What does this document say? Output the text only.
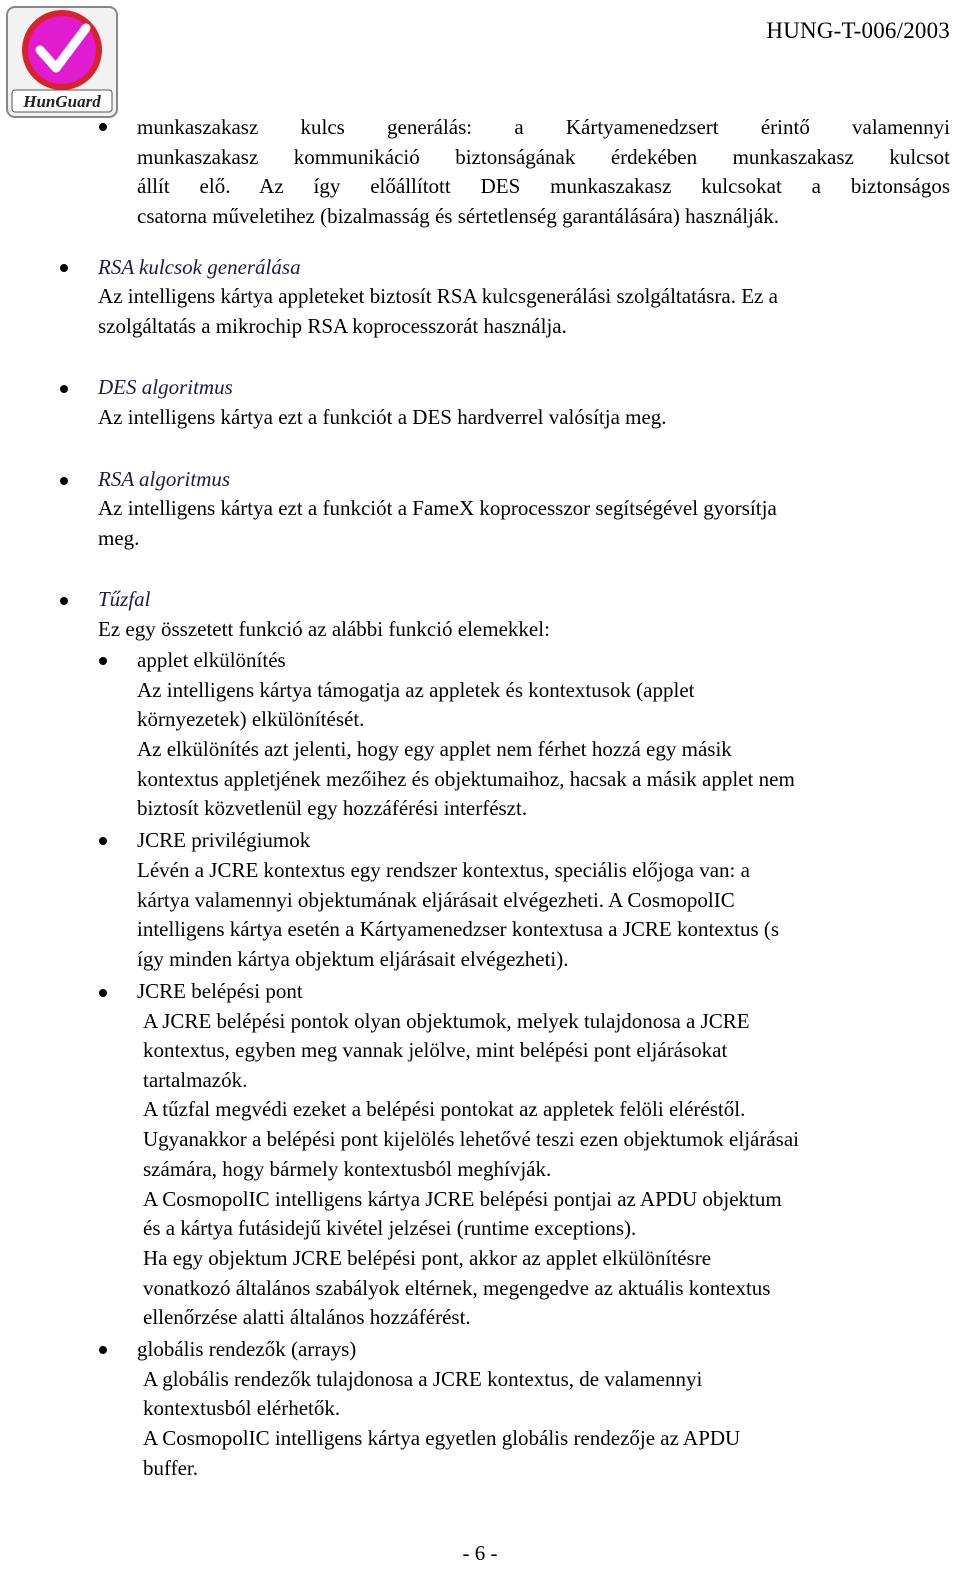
HunGuard
HUNG-T-006/2003
munkaszakasz kulcs generálás: a Kártyamenedzsert érintő valamennyi
munkaszakasz kommunikáció biztonságának érdekében munkaszakasz kulcsot
állít elő. Az így előállított DES munkaszakasz kulcsokat a biztonságos
csatorna műveletihez (bizalmasság és sértetlenség garantálására) használják.
RSA kulcsok generálása
Az intelligens kártya appleteket biztosít RSA kulcsgenerálási szolgáltatásra. Ez a
szolgáltatás a mikrochip RSA koprocesszorát használja.
DES algoritmus
Az intelligens kártya ezt a funkciót a DES hardverrel valósítja meg.
RSA algoritmus
Az intelligens kártya ezt a funkciót a FameX koprocesszor segítségével gyorsítja
meg.
Tűzfal
Ez egy összetett funkció az alábbi funkció elemekkel:
applet elkülönítés
Az intelligens kártya támogatja az appletek és kontextusok (applet
környezetek) elkülönítését.
Az elkülönítés azt jelenti, hogy egy applet nem férhet hozzá egy másik
kontextus appletjének mezőihez és objektumaihoz, hacsak a másik applet nem
biztosít közvetlenül egy hozzáférési interfészt.
JCRE privilégiumok
Lévén a JCRE kontextus egy rendszer kontextus, speciális előjoga van: a
kártya valamennyi objektumának eljárásait elvégezheti. A CosmopolIC
intelligens kártya esetén a Kártyamenedzser kontextusa a JCRE kontextus (s
így minden kártya objektum eljárásait elvégezheti).
JCRE belépési pont
A JCRE belépési pontok olyan objektumok, melyek tulajdonosa a JCRE
kontextus, egyben meg vannak jelölve, mint belépési pont eljárásokat
tartalmazók.
A tűzfal megvédi ezeket a belépési pontokat az appletek felöli eléréstől.
Ugyanakkor a belépési pont kijelölés lehetővé teszi ezen objektumok eljárásai
számára, hogy bármely kontextusból meghívják.
A CosmopolIC intelligens kártya JCRE belépési pontjai az APDU objektum
és a kártya futásidejű kivétel jelzései (runtime exceptions).
Ha egy objektum JCRE belépési pont, akkor az applet elkülönítésre
vonatkozó általános szabályok eltérnek, megengedve az aktuális kontextus
ellenőrzése alatti általános hozzáférést.
globális rendezők (arrays)
A globális rendezők tulajdonosa a JCRE kontextus, de valamennyi
kontextusból elérhetők.
A CosmopolIC intelligens kártya egyetlen globális rendezője az APDU
buffer.
- 6 -
